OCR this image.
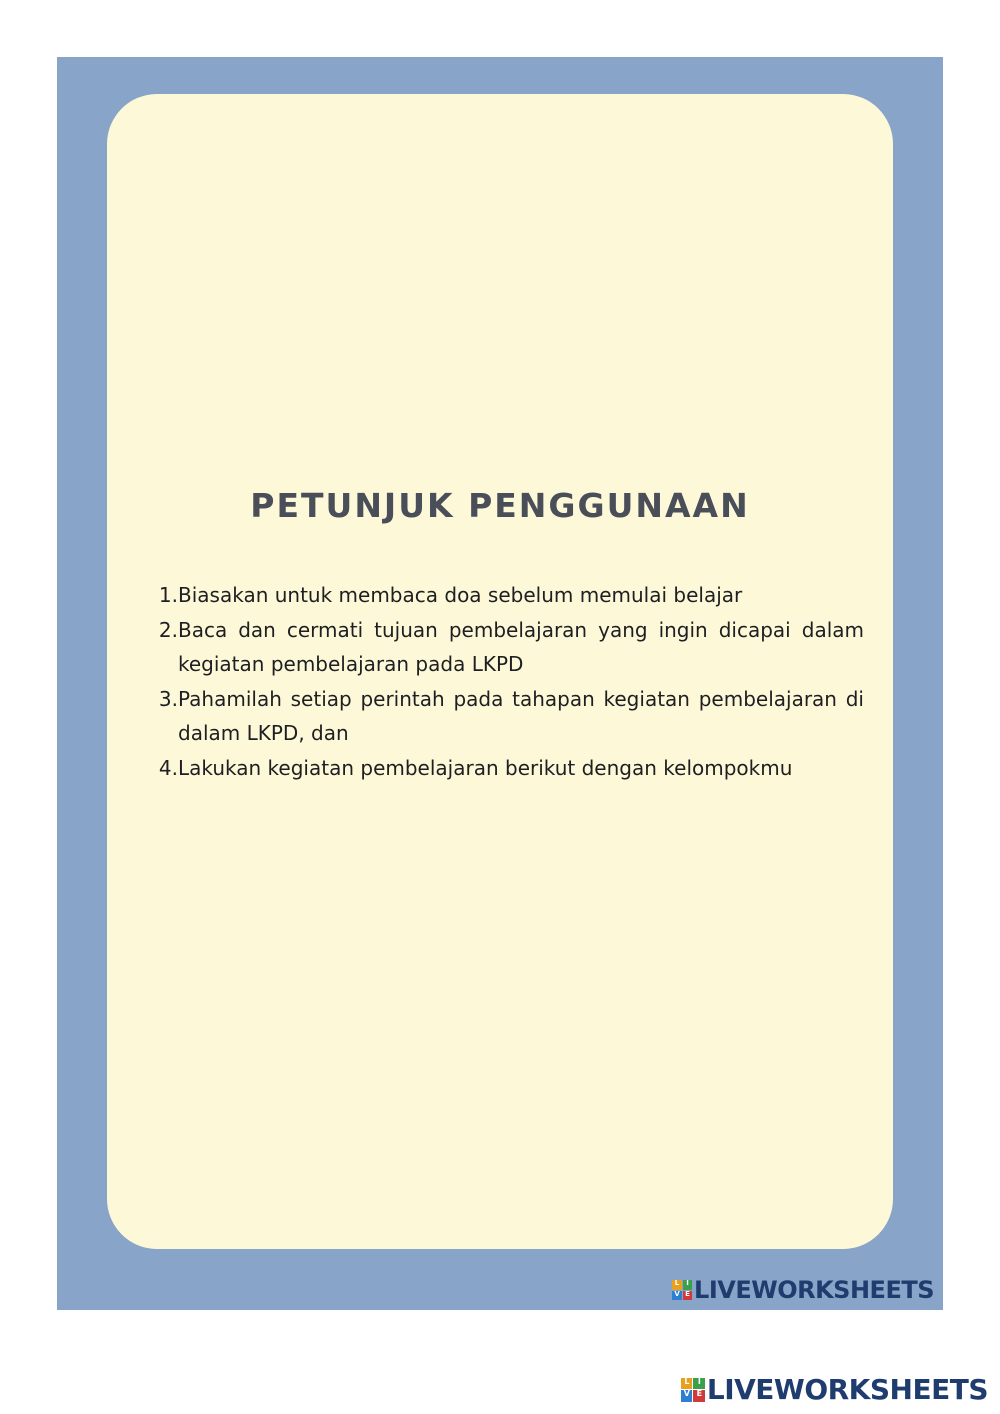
PETUNJUK PENGGUNAAN
1. Biasakan untuk membaca doa sebelum memulai belajar
2. Baca dan cermati tujuan pembelajaran yang ingin dicapai dalam kegiatan pembelajaran pada LKPD
3. Pahamilah setiap perintah pada tahapan kegiatan pembelajaran di dalam LKPD, dan
4. Lakukan kegiatan pembelajaran berikut dengan kelompokmu
L	I
V E LIVEWORKSHEETS
L	I
V E LIVEWORKSHEETS
